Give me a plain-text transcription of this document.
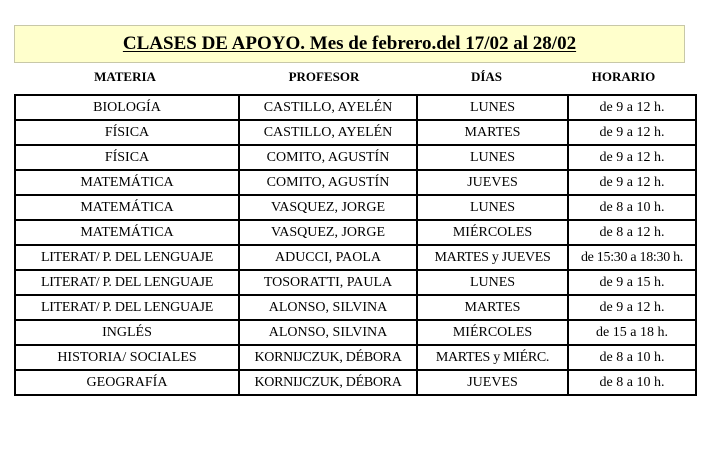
CLASES DE APOYO. Mes de febrero.del 17/02 al 28/02
MATERIA	PROFESOR	DÍAS	HORARIO
BIOLOGÍA	CASTILLO, AYELÉN	LUNES	de 9 a 12 h.
FÍSICA	CASTILLO, AYELÉN	MARTES	de 9 a 12 h.
FÍSICA	COMITO, AGUSTÍN	LUNES	de 9 a 12 h.
MATEMÁTICA	COMITO, AGUSTÍN	JUEVES	de 9 a 12 h.
MATEMÁTICA	VASQUEZ, JORGE	LUNES	de 8 a 10 h.
MATEMÁTICA	VASQUEZ, JORGE	MIÉRCOLES	de 8 a 12 h.
LITERAT/ P. DEL LENGUAJE	ADUCCI, PAOLA	MARTES y JUEVES	de 15:30 a 18:30 h.
LITERAT/ P. DEL LENGUAJE	TOSORATTI, PAULA	LUNES	de 9 a 15 h.
LITERAT/ P. DEL LENGUAJE	ALONSO, SILVINA	MARTES	de 9 a 12 h.
INGLÉS	ALONSO, SILVINA	MIÉRCOLES	de 15 a 18 h.
HISTORIA/ SOCIALES	KORNIJCZUK, DÉBORA	MARTES y MIÉRC.	de 8 a 10 h.
GEOGRAFÍA	KORNIJCZUK, DÉBORA	JUEVES	de 8 a 10 h.
